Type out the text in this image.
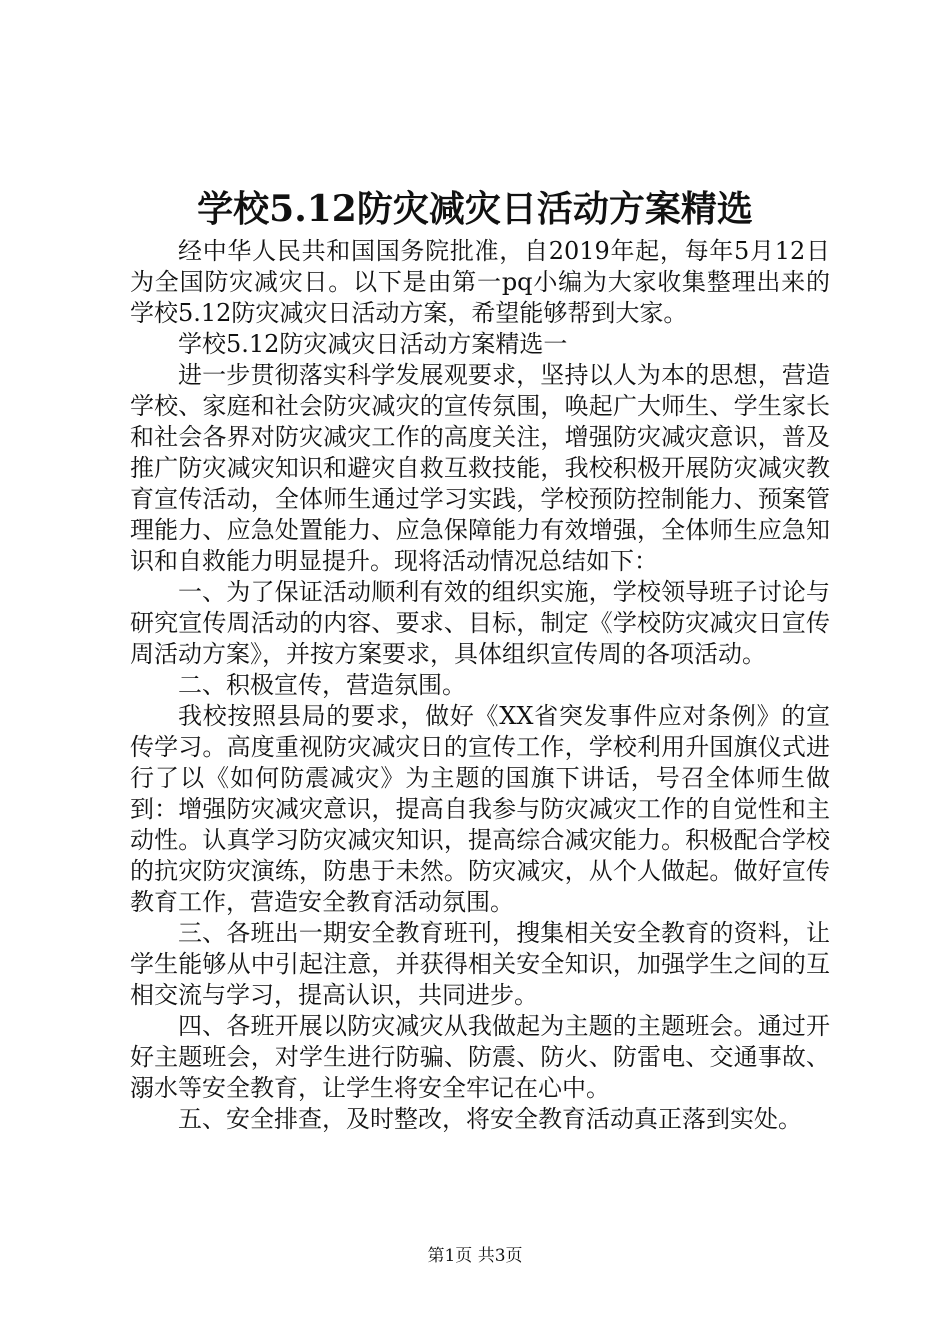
学校5.12防灾减灾日活动方案精选

经中华人民共和国国务院批准，自2019年起，每年5月12日为全国防灾减灾日。以下是由第一pq小编为大家收集整理出来的学校5.12防灾减灾日活动方案，希望能够帮到大家。

学校5.12防灾减灾日活动方案精选一

进一步贯彻落实科学发展观要求，坚持以人为本的思想，营造学校、家庭和社会防灾减灾的宣传氛围，唤起广大师生、学生家长和社会各界对防灾减灾工作的高度关注，增强防灾减灾意识，普及推广防灾减灾知识和避灾自救互救技能，我校积极开展防灾减灾教育宣传活动，全体师生通过学习实践，学校预防控制能力、预案管理能力、应急处置能力、应急保障能力有效增强，全体师生应急知识和自救能力明显提升。现将活动情况总结如下：

一、为了保证活动顺利有效的组织实施，学校领导班子讨论与研究宣传周活动的内容、要求、目标，制定《学校防灾减灾日宣传周活动方案》，并按方案要求，具体组织宣传周的各项活动。

二、积极宣传，营造氛围。

我校按照县局的要求，做好《XX省突发事件应对条例》的宣传学习。高度重视防灾减灾日的宣传工作，学校利用升国旗仪式进行了以《如何防震减灾》为主题的国旗下讲话，号召全体师生做到：增强防灾减灾意识，提高自我参与防灾减灾工作的自觉性和主动性。认真学习防灾减灾知识，提高综合减灾能力。积极配合学校的抗灾防灾演练，防患于未然。防灾减灾，从个人做起。做好宣传教育工作，营造安全教育活动氛围。

三、各班出一期安全教育班刊，搜集相关安全教育的资料，让学生能够从中引起注意，并获得相关安全知识，加强学生之间的互相交流与学习，提高认识，共同进步。

四、各班开展以防灾减灾从我做起为主题的主题班会。通过开好主题班会，对学生进行防骗、防震、防火、防雷电、交通事故、溺水等安全教育，让学生将安全牢记在心中。

五、安全排查，及时整改，将安全教育活动真正落到实处。

第1页 共3页
